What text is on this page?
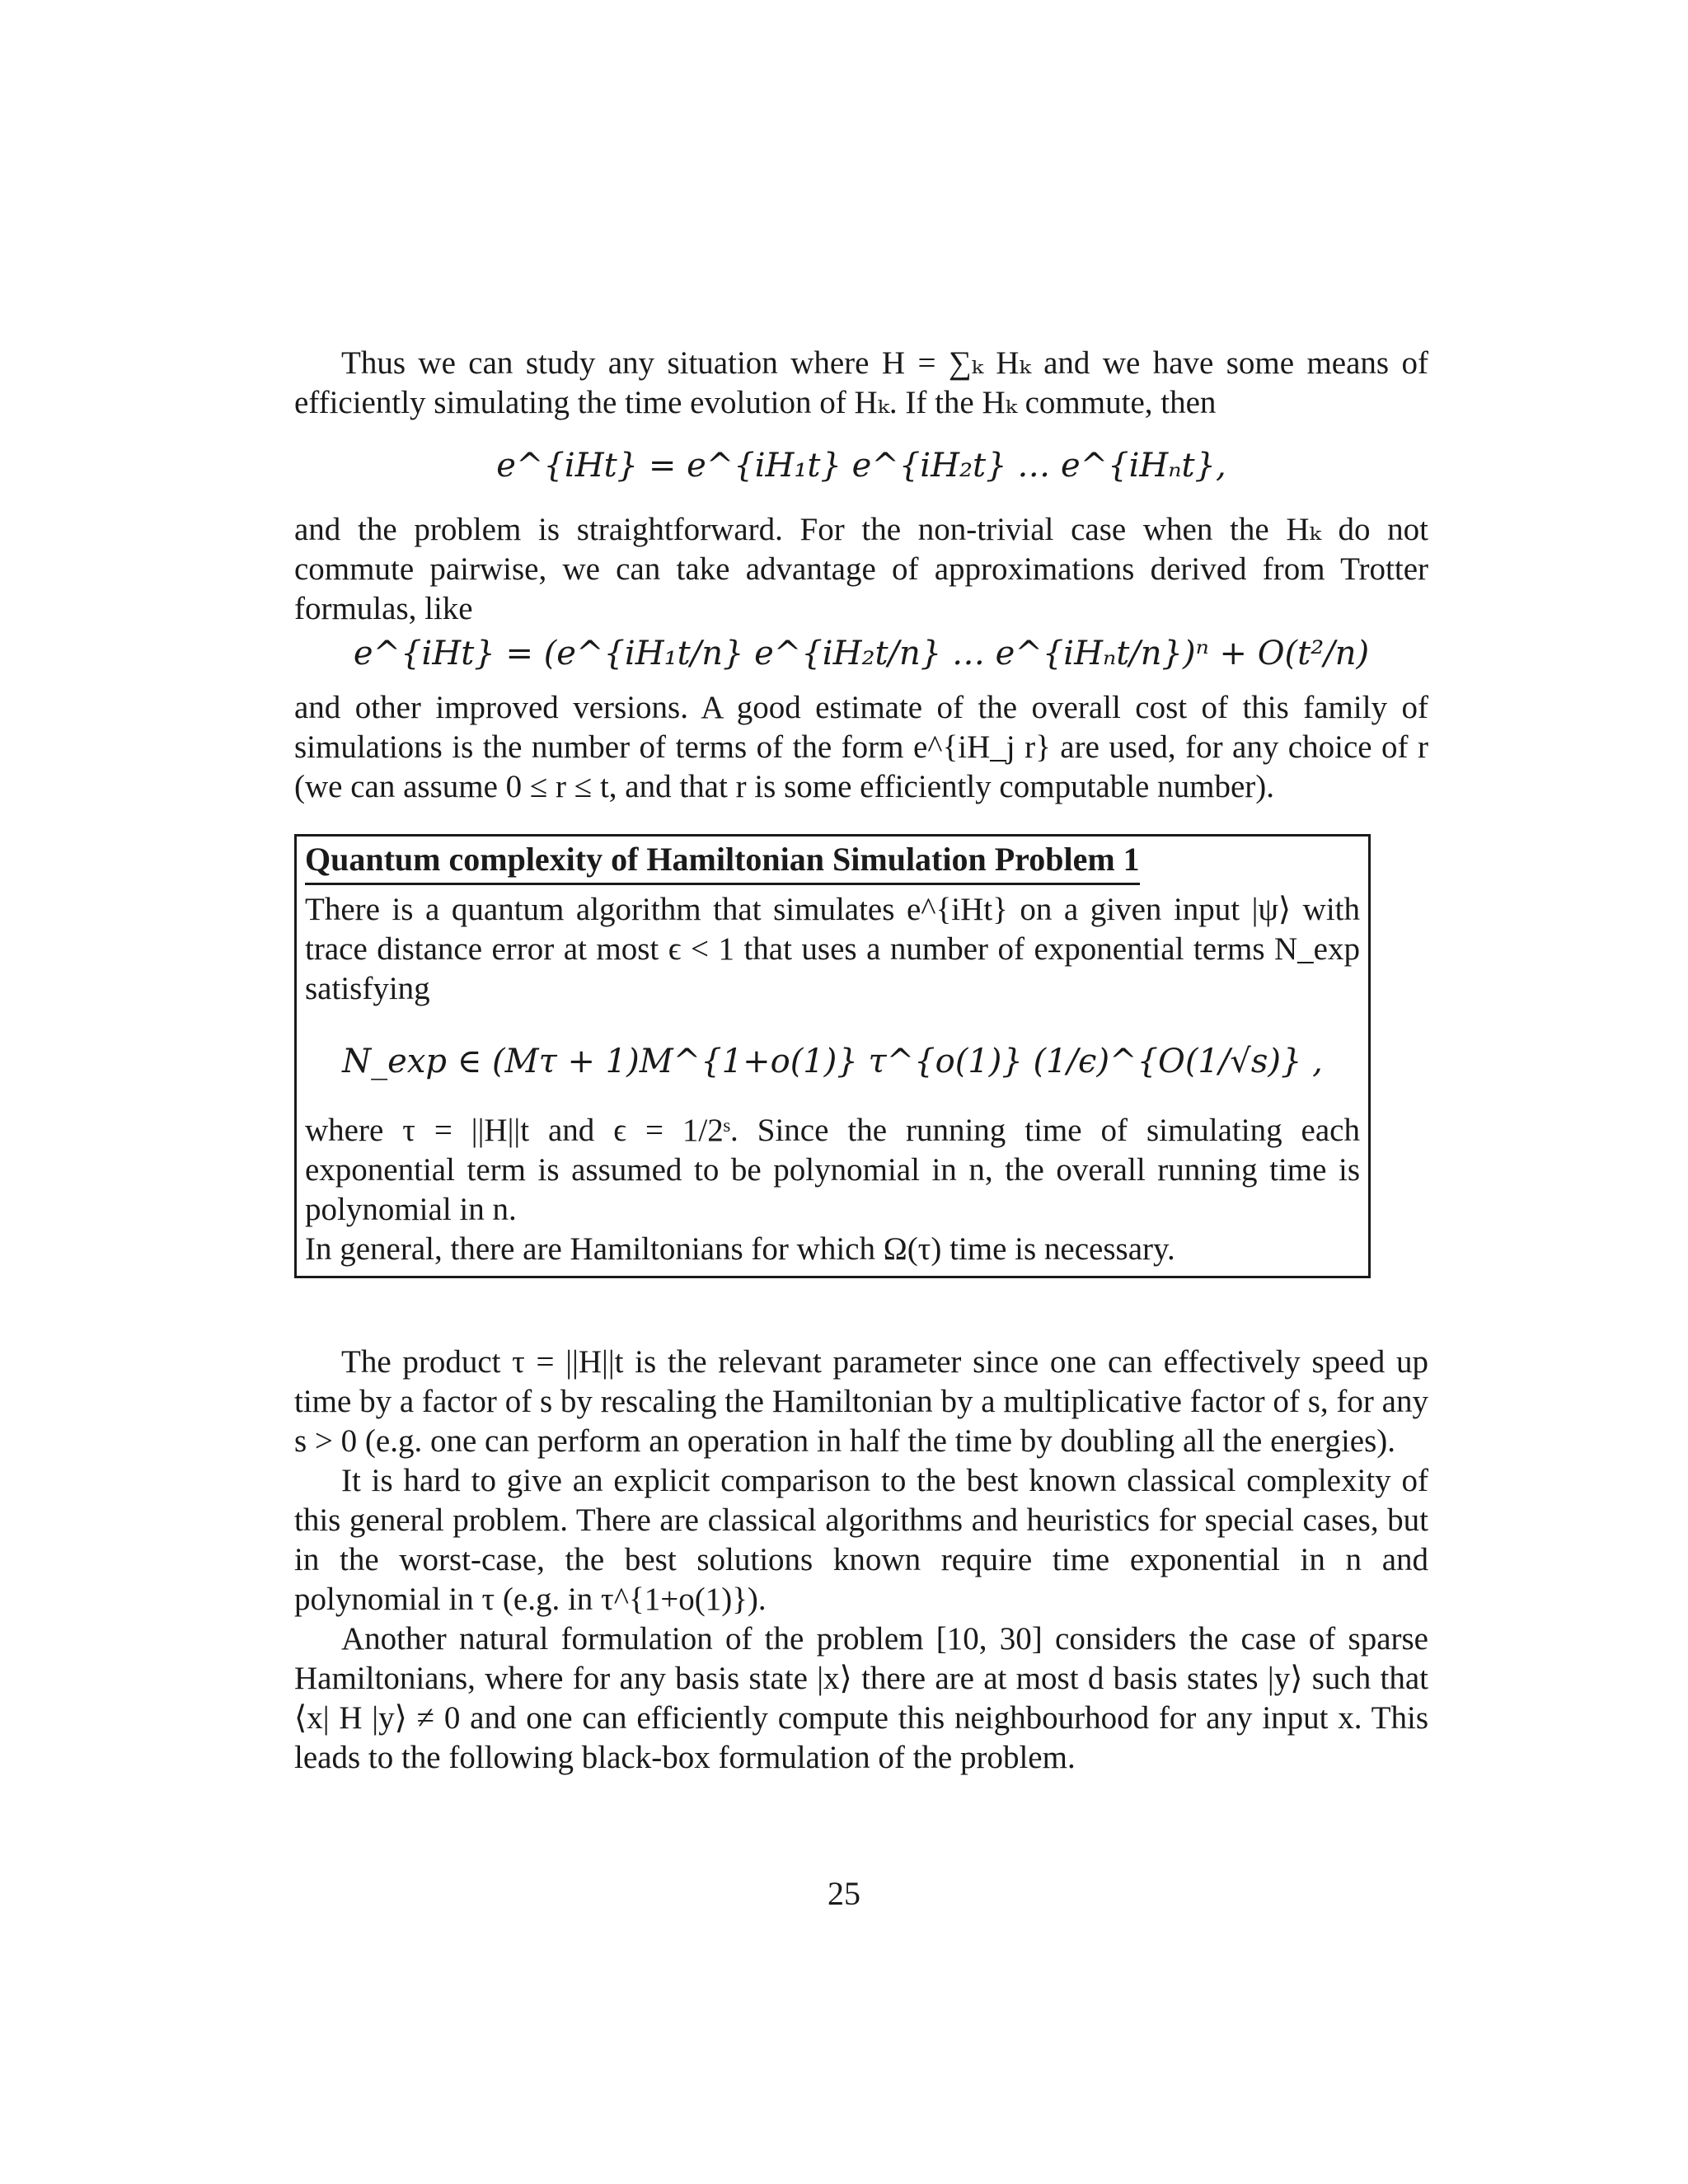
Thus we can study any situation where H = ∑ₖ Hₖ and we have some means of efficiently simulating the time evolution of Hₖ. If the Hₖ commute, then

e^{iHt} = e^{iH₁t} e^{iH₂t} … e^{iHₙt},

and the problem is straightforward. For the non-trivial case when the Hₖ do not commute pairwise, we can take advantage of approximations derived from Trotter formulas, like

e^{iHt} = (e^{iH₁t/n} e^{iH₂t/n} … e^{iHₙt/n})ⁿ + O(t²/n)

and other improved versions. A good estimate of the overall cost of this family of simulations is the number of terms of the form e^{iH_j r} are used, for any choice of r (we can assume 0 ≤ r ≤ t, and that r is some efficiently computable number).

Quantum complexity of Hamiltonian Simulation Problem 1

There is a quantum algorithm that simulates e^{iHt} on a given input |ψ⟩ with trace distance error at most ϵ < 1 that uses a number of exponential terms N_exp satisfying

N_exp ∈ (Mτ + 1)M^{1+o(1)} τ^{o(1)} (1/ϵ)^{O(1/√s)} ,

where τ = ||H||t and ϵ = 1/2ˢ. Since the running time of simulating each exponential term is assumed to be polynomial in n, the overall running time is polynomial in n.

In general, there are Hamiltonians for which Ω(τ) time is necessary.

The product τ = ||H||t is the relevant parameter since one can effectively speed up time by a factor of s by rescaling the Hamiltonian by a multiplicative factor of s, for any s > 0 (e.g. one can perform an operation in half the time by doubling all the energies).

It is hard to give an explicit comparison to the best known classical complexity of this general problem. There are classical algorithms and heuristics for special cases, but in the worst-case, the best solutions known require time exponential in n and polynomial in τ (e.g. in τ^{1+o(1)}).

Another natural formulation of the problem [10, 30] considers the case of sparse Hamiltonians, where for any basis state |x⟩ there are at most d basis states |y⟩ such that ⟨x| H |y⟩ ≠ 0 and one can efficiently compute this neighbourhood for any input x. This leads to the following black-box formulation of the problem.

25
